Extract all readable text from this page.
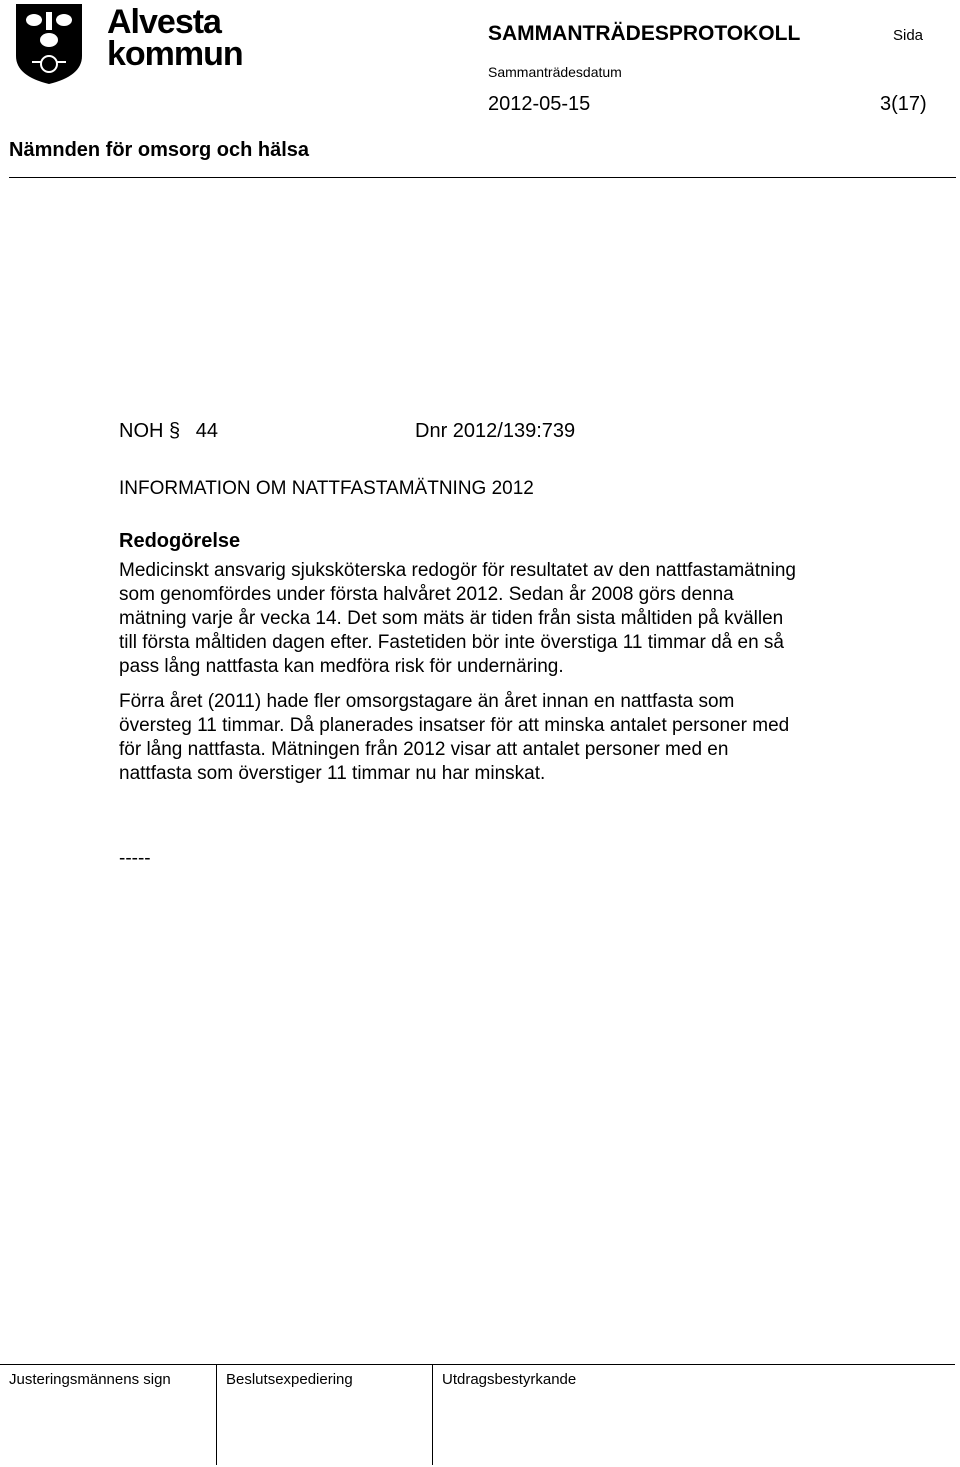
Alvesta
kommun
SAMMANTRÄDESPROTOKOLL	Sida
Sammanträdesdatum
2012-05-15	3(17)
Nämnden för omsorg och hälsa
NOH § 44	Dnr 2012/139:739
INFORMATION OM NATTFASTAMÄTNING 2012
Redogörelse

Medicinskt ansvarig sjuksköterska redogör för resultatet av den nattfastamätning som genomfördes under första halvåret 2012. Sedan år 2008 görs denna mätning varje år vecka 14. Det som mäts är tiden från sista måltiden på kvällen till första måltiden dagen efter. Fastetiden bör inte överstiga 11 timmar då en så pass lång nattfasta kan medföra risk för undernäring.

Förra året (2011) hade fler omsorgstagare än året innan en nattfasta som översteg 11 timmar. Då planerades insatser för att minska antalet personer med för lång nattfasta. Mätningen från 2012 visar att antalet personer med en nattfasta som överstiger 11 timmar nu har minskat.

-----
Justeringsmännens sign	Beslutsexpediering	Utdragsbestyrkande
